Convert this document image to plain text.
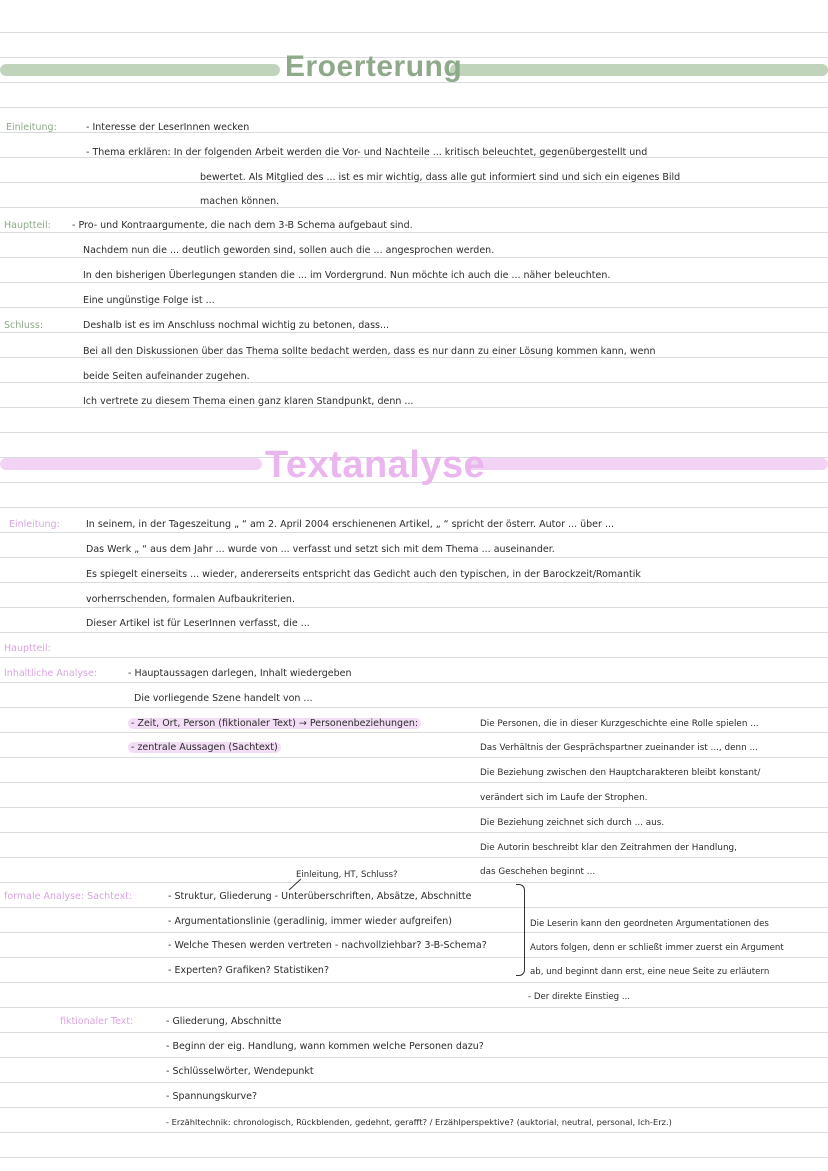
Eroerterung
Einleitung:	- Interesse der LeserInnen wecken
- Thema erklären: In der folgenden Arbeit werden die Vor- und Nachteile ... kritisch beleuchtet, gegenübergestellt und
bewertet. Als Mitglied des ... ist es mir wichtig, dass alle gut informiert sind und sich ein eigenes Bild
machen können.
Hauptteil: - Pro- und Kontraargumente, die nach dem 3-B Schema aufgebaut sind.
Nachdem nun die ... deutlich geworden sind, sollen auch die ... angesprochen werden.
In den bisherigen Überlegungen standen die ... im Vordergrund. Nun möchte ich auch die ... näher beleuchten.
Eine ungünstige Folge ist ...
Schluss:	Deshalb ist es im Anschluss nochmal wichtig zu betonen, dass...
Bei all den Diskussionen über das Thema sollte bedacht werden, dass es nur dann zu einer Lösung kommen kann, wenn
beide Seiten aufeinander zugehen.
Ich vertrete zu diesem Thema einen ganz klaren Standpunkt, denn ...
Textanalyse
Einleitung:	In seinem, in der Tageszeitung „ “ am 2. April 2004 erschienenen Artikel, „ “ spricht der österr. Autor ... über ...
Das Werk „ “ aus dem Jahr ... wurde von ... verfasst und setzt sich mit dem Thema ... auseinander.
Es spiegelt einerseits ... wieder, andererseits entspricht das Gedicht auch den typischen, in der Barockzeit/Romantik
vorherrschenden, formalen Aufbaukriterien.
Dieser Artikel ist für LeserInnen verfasst, die ...
Hauptteil:
Inhaltliche Analyse:	- Hauptaussagen darlegen, Inhalt wiedergeben
Die vorliegende Szene handelt von ...
- Zeit, Ort, Person (fiktionaler Text) → Personenbeziehungen:
- zentrale Aussagen (Sachtext)
Die Personen, die in dieser Kurzgeschichte eine Rolle spielen ...
Das Verhältnis der Gesprächspartner zueinander ist ..., denn ...
Die Beziehung zwischen den Hauptcharakteren bleibt konstant/
verändert sich im Laufe der Strophen.
Die Beziehung zeichnet sich durch ... aus.
Die Autorin beschreibt klar den Zeitrahmen der Handlung,
das Geschehen beginnt ...
Einleitung, HT, Schluss?
formale Analyse: Sachtext:	- Struktur, Gliederung - Unterüberschriften, Absätze, Abschnitte
- Argumentationslinie (geradlinig, immer wieder aufgreifen)
- Welche Thesen werden vertreten - nachvollziehbar? 3-B-Schema?
- Experten? Grafiken? Statistiken?
Die Leserin kann den geordneten Argumentationen des
Autors folgen, denn er schließt immer zuerst ein Argument
ab, und beginnt dann erst, eine neue Seite zu erläutern
- Der direkte Einstieg ...
fiktionaler Text:	- Gliederung, Abschnitte
- Beginn der eig. Handlung, wann kommen welche Personen dazu?
- Schlüsselwörter, Wendepunkt
- Spannungskurve?
- Erzähltechnik: chronologisch, Rückblenden, gedehnt, gerafft? / Erzählperspektive? (auktorial, neutral, personal, Ich-Erz.)
